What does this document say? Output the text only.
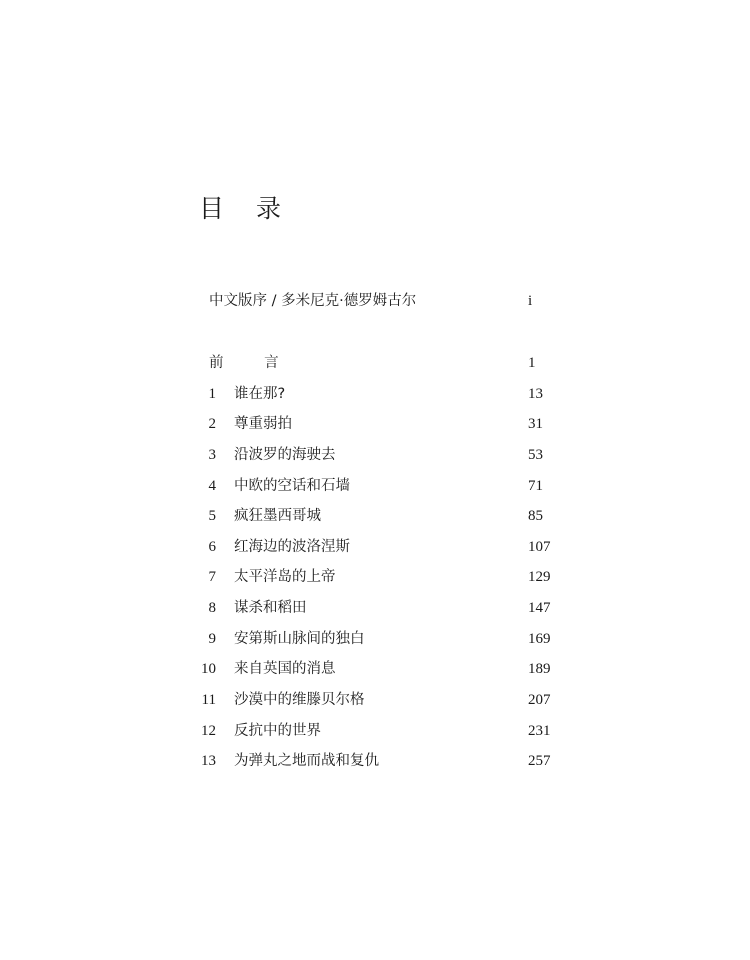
目 录
中文版序 / 多米尼克·德罗姆古尔	i
前 言	1
1 谁在那?	13
2 尊重弱拍	31
3 沿波罗的海驶去	53
4 中欧的空话和石墙	71
5 疯狂墨西哥城	85
6 红海边的波洛涅斯	107
7 太平洋岛的上帝	129
8 谋杀和稻田	147
9 安第斯山脉间的独白	169
10 来自英国的消息	189
11 沙漠中的维滕贝尔格	207
12 反抗中的世界	231
13 为弹丸之地而战和复仇	257
